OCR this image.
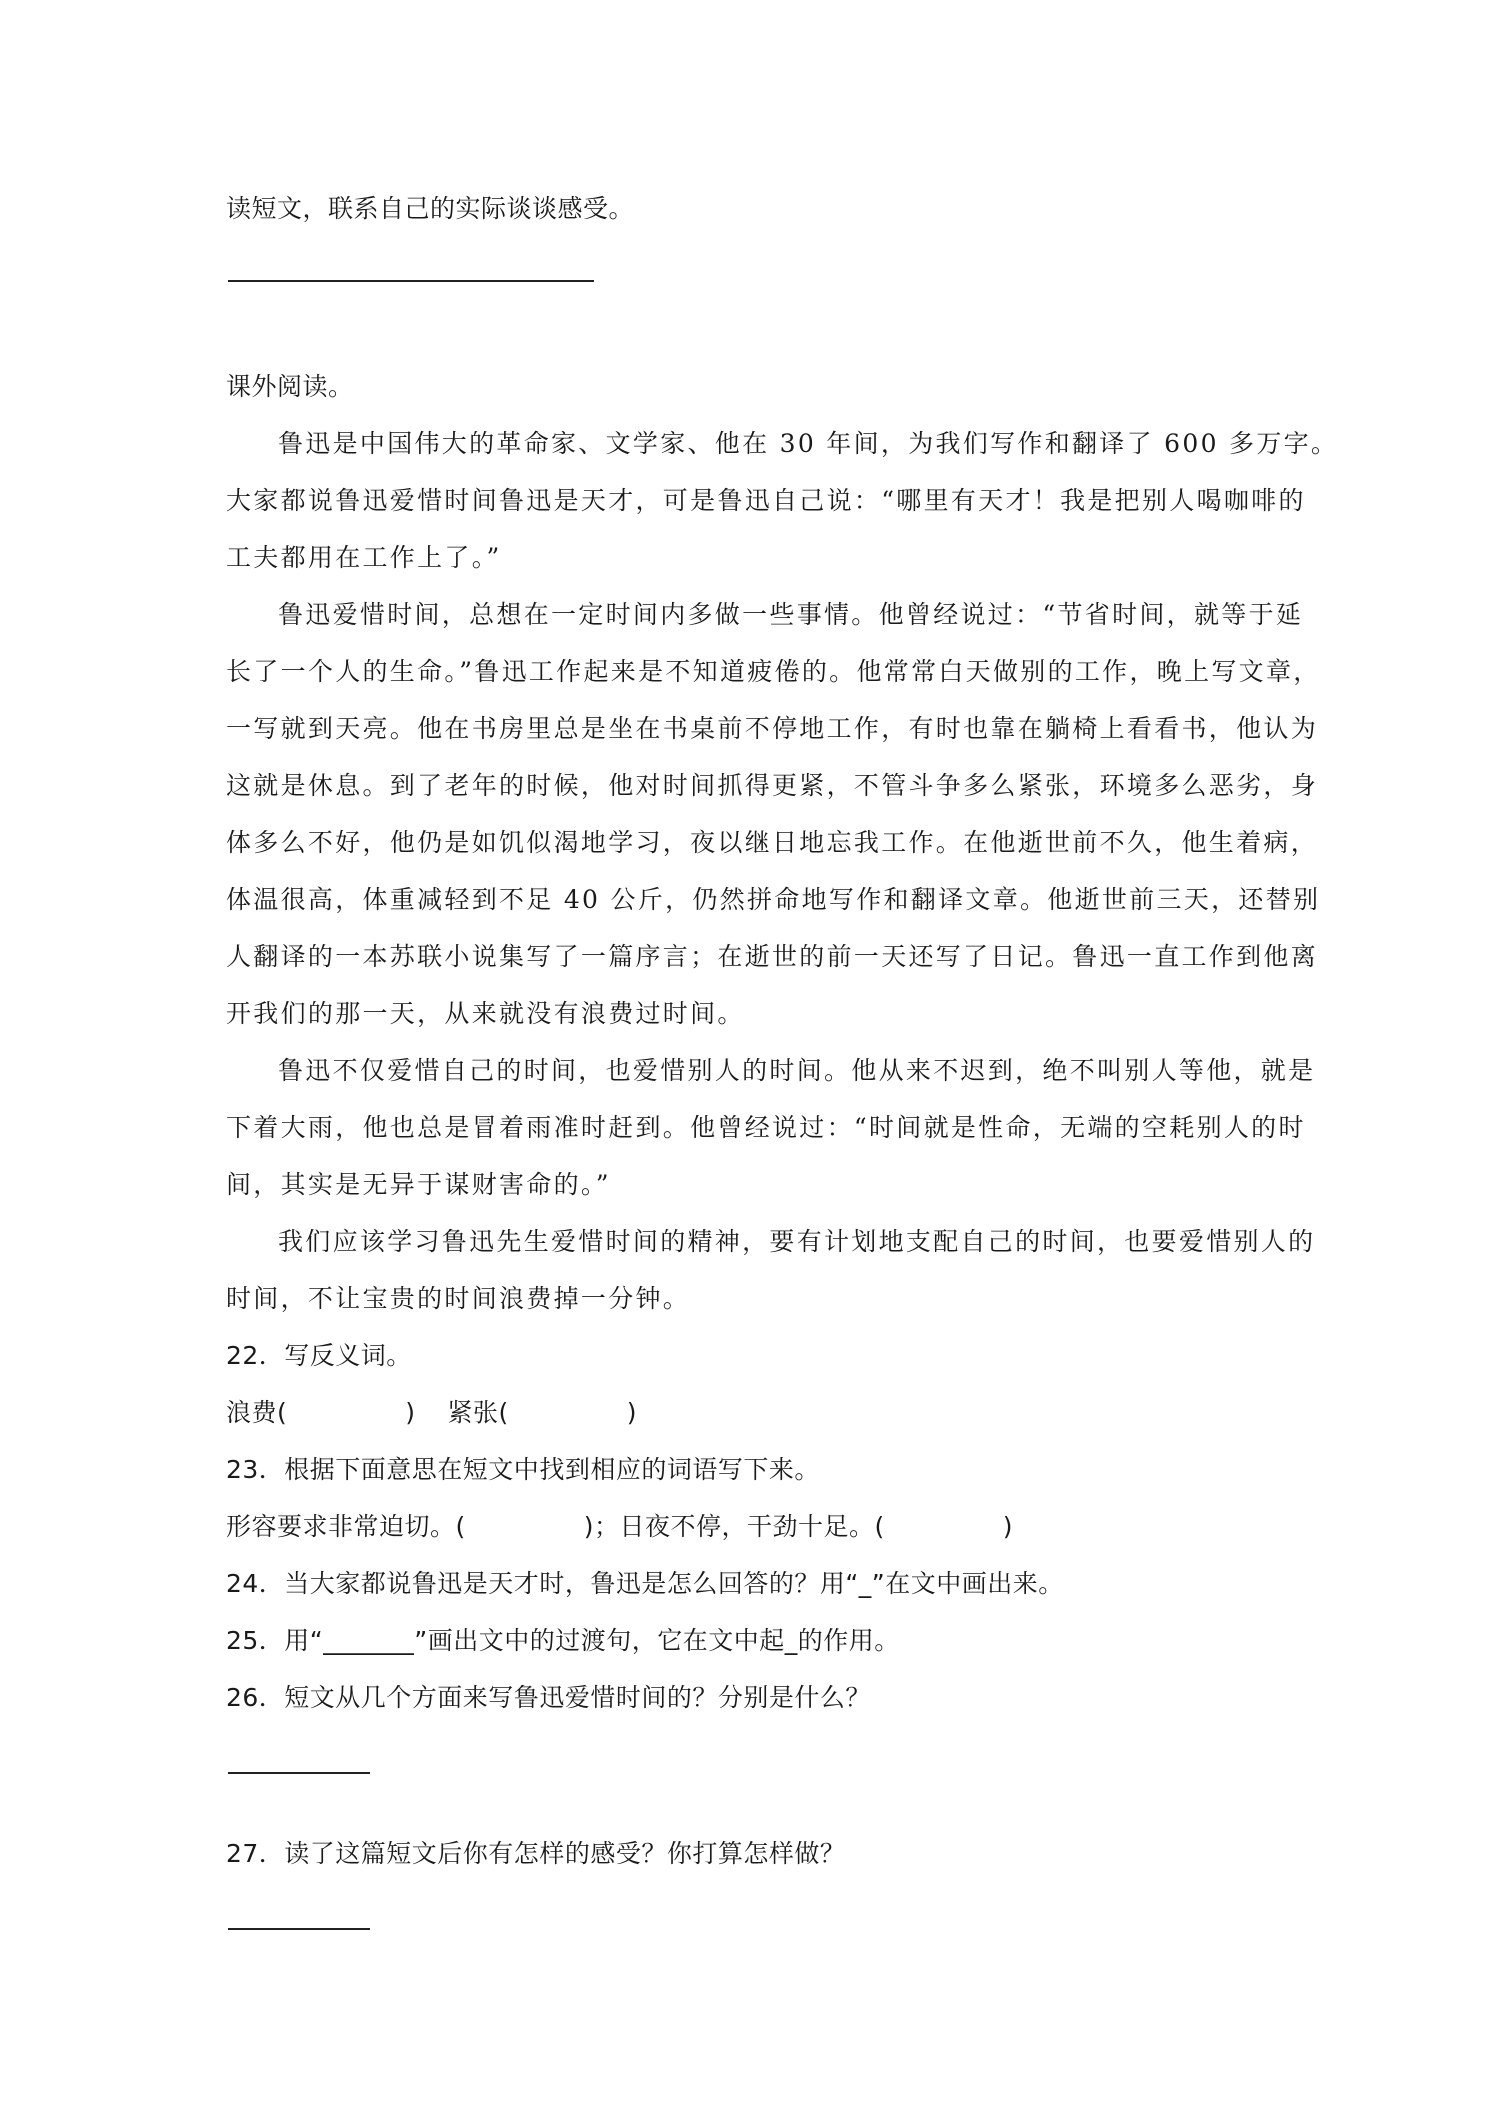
读短文，联系自己的实际谈谈感受。
课外阅读。
鲁迅是中国伟大的革命家、文学家、他在 30 年间，为我们写作和翻译了 600 多万字。
大家都说鲁迅爱惜时间鲁迅是天才，可是鲁迅自己说：“哪里有天才！我是把别人喝咖啡的
工夫都用在工作上了。”
鲁迅爱惜时间，总想在一定时间内多做一些事情。他曾经说过：“节省时间，就等于延
长了一个人的生命。”鲁迅工作起来是不知道疲倦的。他常常白天做别的工作，晚上写文章，
一写就到天亮。他在书房里总是坐在书桌前不停地工作，有时也靠在躺椅上看看书，他认为
这就是休息。到了老年的时候，他对时间抓得更紧，不管斗争多么紧张，环境多么恶劣，身
体多么不好，他仍是如饥似渴地学习，夜以继日地忘我工作。在他逝世前不久，他生着病，
体温很高，体重减轻到不足 40 公斤，仍然拼命地写作和翻译文章。他逝世前三天，还替别
人翻译的一本苏联小说集写了一篇序言；在逝世的前一天还写了日记。鲁迅一直工作到他离
开我们的那一天，从来就没有浪费过时间。
鲁迅不仅爱惜自己的时间，也爱惜别人的时间。他从来不迟到，绝不叫别人等他，就是
下着大雨，他也总是冒着雨准时赶到。他曾经说过：“时间就是性命，无端的空耗别人的时
间，其实是无异于谋财害命的。”
我们应该学习鲁迅先生爱惜时间的精神，要有计划地支配自己的时间，也要爱惜别人的
时间，不让宝贵的时间浪费掉一分钟。
22．写反义词。
浪费(	) 紧张(	)
23．根据下面意思在短文中找到相应的词语写下来。
形容要求非常迫切。(	)；日夜不停，干劲十足。(	)
24．当大家都说鲁迅是天才时，鲁迅是怎么回答的？用“_”在文中画出来。
25．用“_______”画出文中的过渡句，它在文中起_的作用。
26．短文从几个方面来写鲁迅爱惜时间的？分别是什么？
27．读了这篇短文后你有怎样的感受？你打算怎样做？
